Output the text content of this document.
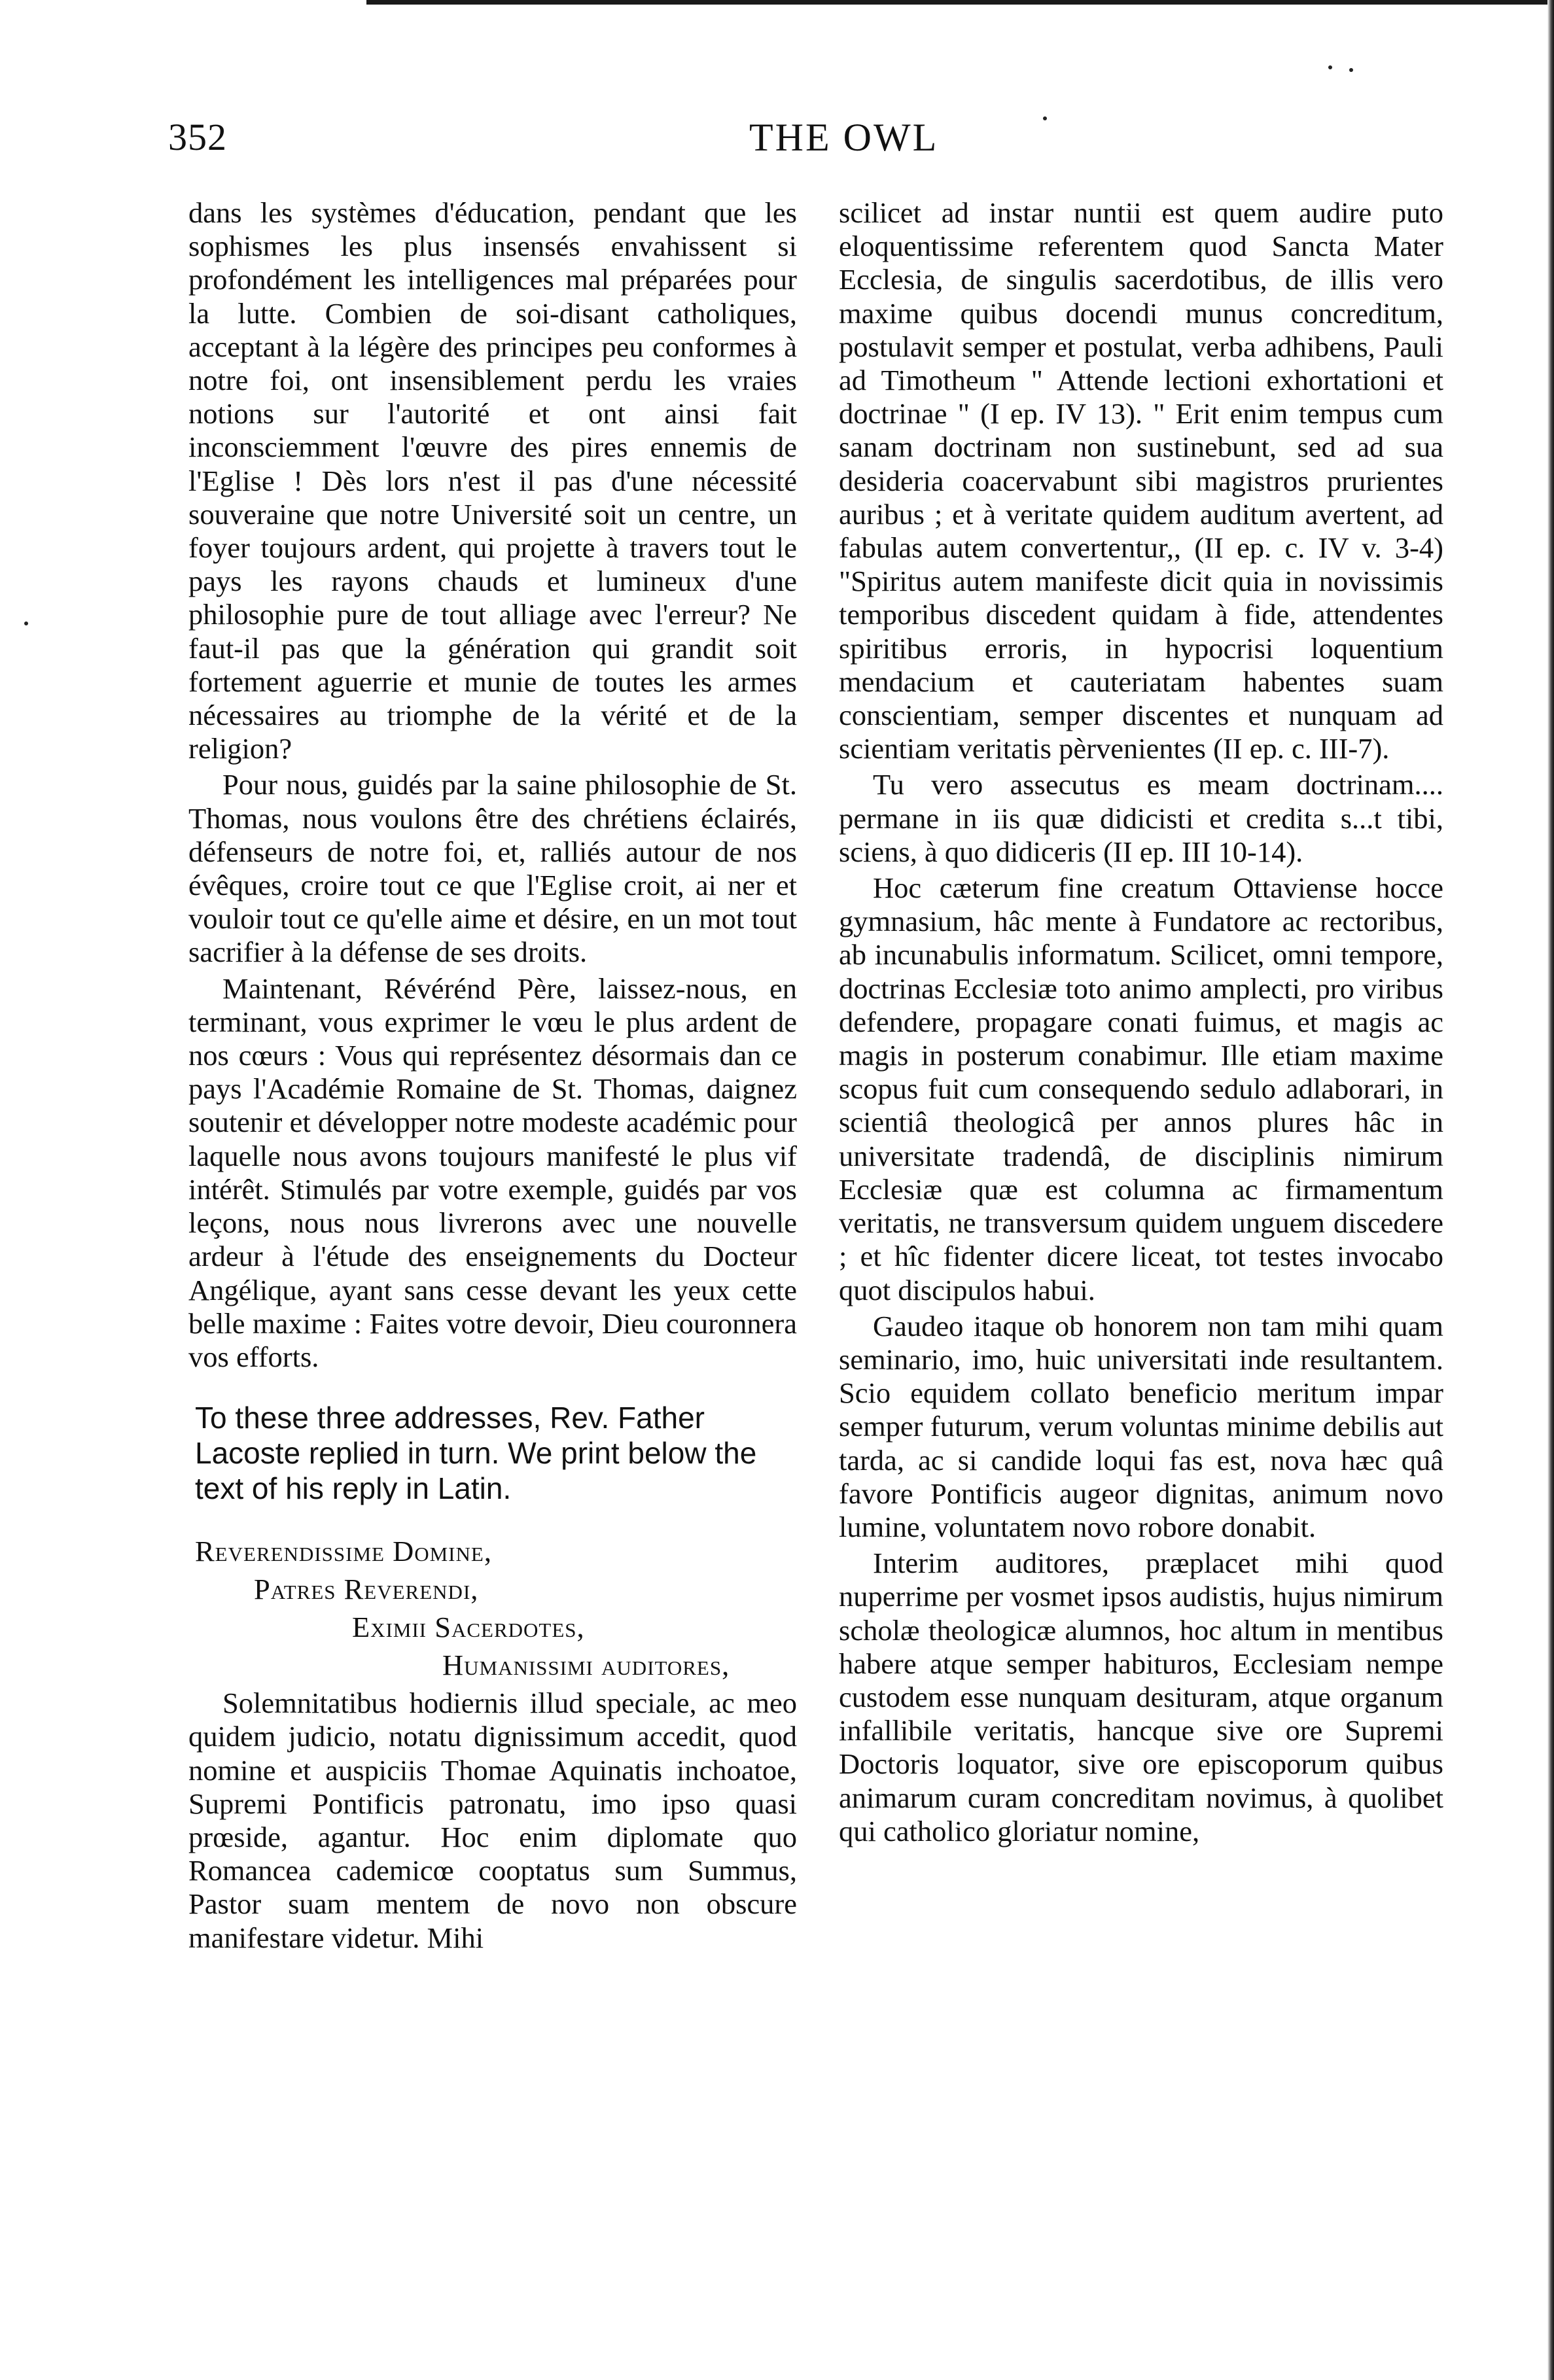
352	THE OWL

dans les systèmes d'éducation, pendant que les sophismes les plus insensés envahissent si profondément les intelligences mal préparées pour la lutte. Combien de soi-disant catholiques, acceptant à la légère des principes peu conformes à notre foi, ont insensiblement perdu les vraies notions sur l'autorité et ont ainsi fait inconsciemment l'œuvre des pires ennemis de l'Eglise ! Dès lors n'est il pas d'une nécessité souveraine que notre Université soit un centre, un foyer toujours ardent, qui projette à travers tout le pays les rayons chauds et lumineux d'une philosophie pure de tout alliage avec l'erreur? Ne faut-il pas que la génération qui grandit soit fortement aguerrie et munie de toutes les armes nécessaires au triomphe de la vérité et de la religion?

Pour nous, guidés par la saine philosophie de St. Thomas, nous voulons être des chrétiens éclairés, défenseurs de notre foi, et, ralliés autour de nos évêques, croire tout ce que l'Eglise croit, ai ner et vouloir tout ce qu'elle aime et désire, en un mot tout sacrifier à la défense de ses droits.

Maintenant, Révérénd Père, laissez-nous, en terminant, vous exprimer le vœu le plus ardent de nos cœurs : Vous qui représentez désormais dan ce pays l'Académie Romaine de St. Thomas, daignez soutenir et développer notre modeste académic pour laquelle nous avons toujours manifesté le plus vif intérêt. Stimulés par votre exemple, guidés par vos leçons, nous nous livrerons avec une nouvelle ardeur à l'étude des enseignements du Docteur Angélique, ayant sans cesse devant les yeux cette belle maxime : Faites votre devoir, Dieu couronnera vos efforts.

To these three addresses, Rev. Father Lacoste replied in turn. We print below the text of his reply in Latin.

Reverendissime Domine,
Patres Reverendi,
Eximii Sacerdotes,
Humanissimi auditores,

Solemnitatibus hodiernis illud speciale, ac meo quidem judicio, notatu dignissimum accedit, quod nomine et auspiciis Thomae Aquinatis inchoatoe, Supremi Pontificis patronatu, imo ipso quasi prœside, agantur. Hoc enim diplomate quo Romancea cademicœ cooptatus sum Summus, Pastor suam mentem de novo non obscure manifestare videtur. Mihi

scilicet ad instar nuntii est quem audire puto eloquentissime referentem quod Sancta Mater Ecclesia, de singulis sacerdotibus, de illis vero maxime quibus docendi munus concreditum, postulavit semper et postulat, verba adhibens, Pauli ad Timotheum " Attende lectioni exhortationi et doctrinae " (I ep. IV 13). " Erit enim tempus cum sanam doctrinam non sustinebunt, sed ad sua desideria coacervabunt sibi magistros prurientes auribus ; et à veritate quidem auditum avertent, ad fabulas autem convertentur,, (II ep. c. IV v. 3-4) "Spiritus autem manifeste dicit quia in novissimis temporibus discedent quidam à fide, attendentes spiritibus erroris, in hypocrisi loquentium mendacium et cauteriatam habentes suam conscientiam, semper discentes et nunquam ad scientiam veritatis pèrvenientes (II ep. c. III-7).

Tu vero assecutus es meam doctrinam.... permane in iis quæ didicisti et credita s...t tibi, sciens, à quo didiceris (II ep. III 10-14).

Hoc cæterum fine creatum Ottaviense hocce gymnasium, hâc mente à Fundatore ac rectoribus, ab incunabulis informatum. Scilicet, omni tempore, doctrinas Ecclesiæ toto animo amplecti, pro viribus defendere, propagare conati fuimus, et magis ac magis in posterum conabimur. Ille etiam maxime scopus fuit cum consequendo sedulo adlaborari, in scientiâ theologicâ per annos plures hâc in universitate tradendâ, de disciplinis nimirum Ecclesiæ quæ est columna ac firmamentum veritatis, ne transversum quidem unguem discedere ; et hîc fidenter dicere liceat, tot testes invocabo quot discipulos habui.

Gaudeo itaque ob honorem non tam mihi quam seminario, imo, huic universitati inde resultantem. Scio equidem collato beneficio meritum impar semper futurum, verum voluntas minime debilis aut tarda, ac si candide loqui fas est, nova hæc quâ favore Pontificis augeor dignitas, animum novo lumine, voluntatem novo robore donabit.

Interim auditores, præplacet mihi quod nuperrime per vosmet ipsos audistis, hujus nimirum scholæ theologicæ alumnos, hoc altum in mentibus habere atque semper habituros, Ecclesiam nempe custodem esse nunquam desituram, atque organum infallibile veritatis, hancque sive ore Supremi Doctoris loquator, sive ore episcoporum quibus animarum curam concreditam novimus, à quolibet qui catholico gloriatur nomine,
